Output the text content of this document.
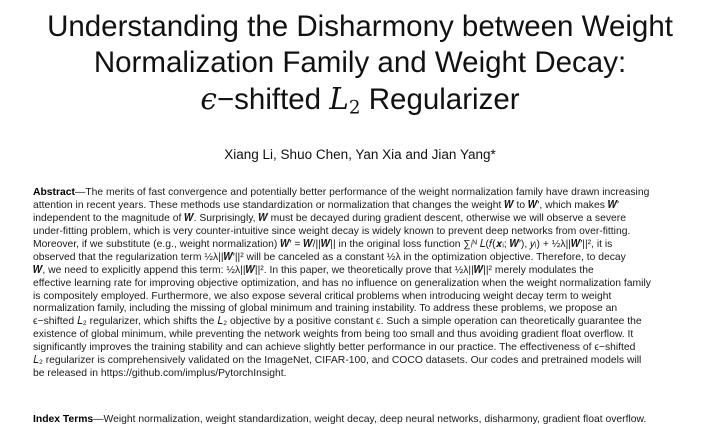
Understanding the Disharmony between Weight
Normalization Family and Weight Decay:
ϵ−shifted $L_2$ Regularizer
Xiang Li, Shuo Chen, Yan Xia and Jian Yang*
Abstract—The merits of fast convergence and potentially better performance of the weight normalization family have drawn increasing
attention in recent years. These methods use standardization or normalization that changes the weight 𝑾 to 𝑾′, which makes 𝑾′
independent to the magnitude of 𝑾. Surprisingly, 𝑾 must be decayed during gradient descent, otherwise we will observe a severe
under-fitting problem, which is very counter-intuitive since weight decay is widely known to prevent deep networks from over-fitting.
Moreover, if we substitute (e.g., weight normalization) 𝑾′ = 𝑾/||𝑾|| in the original loss function ∑ᵢᴺ 𝐿(𝑓(𝒙ᵢ; 𝑾′), 𝑦ᵢ) + ½λ||𝑾′||², it is
observed that the regularization term ½λ||𝑾′||² will be canceled as a constant ½λ in the optimization objective. Therefore, to decay
𝑾, we need to explicitly append this term: ½λ||𝑾||². In this paper, we theoretically prove that ½λ||𝑾||² merely modulates the
effective learning rate for improving objective optimization, and has no influence on generalization when the weight normalization family
is compositely employed. Furthermore, we also expose several critical problems when introducing weight decay term to weight
normalization family, including the missing of global minimum and training instability. To address these problems, we propose an
ϵ−shifted 𝐿₂ regularizer, which shifts the 𝐿₂ objective by a positive constant ϵ. Such a simple operation can theoretically guarantee the
existence of global minimum, while preventing the network weights from being too small and thus avoiding gradient float overflow. It
significantly improves the training stability and can achieve slightly better performance in our practice. The effectiveness of ϵ−shifted
𝐿₂ regularizer is comprehensively validated on the ImageNet, CIFAR-100, and COCO datasets. Our codes and pretrained models will
be released in https://github.com/implus/PytorchInsight.
Index Terms—Weight normalization, weight standardization, weight decay, deep neural networks, disharmony, gradient float overflow.
